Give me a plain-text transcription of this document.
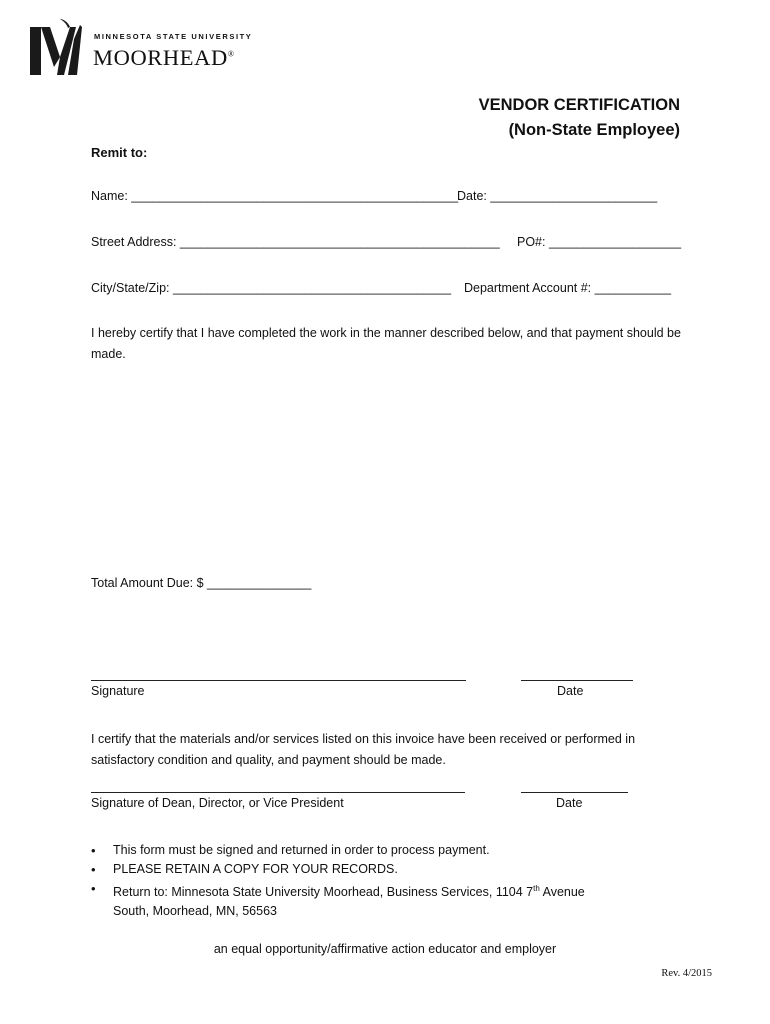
MINNESOTA STATE UNIVERSITY
MOORHEAD®
VENDOR CERTIFICATION
(Non-State Employee)
Remit to:
Name: _______________________________________________
Date: ________________________
Street Address: ______________________________________________ PO#: ___________________
City/State/Zip: ________________________________________ Department Account #: ___________
I hereby certify that I have completed the work in the manner described below, and that payment should be made.
Total Amount Due: $ _______________
Signature	Date
I certify that the materials and/or services listed on this invoice have been received or performed in satisfactory condition and quality, and payment should be made.
Signature of Dean, Director, or Vice President	Date
• This form must be signed and returned in order to process payment.
• PLEASE RETAIN A COPY FOR YOUR RECORDS.
• Return to: Minnesota State University Moorhead, Business Services, 1104 7th Avenue
South, Moorhead, MN, 56563
an equal opportunity/affirmative action educator and employer
Rev. 4/2015
